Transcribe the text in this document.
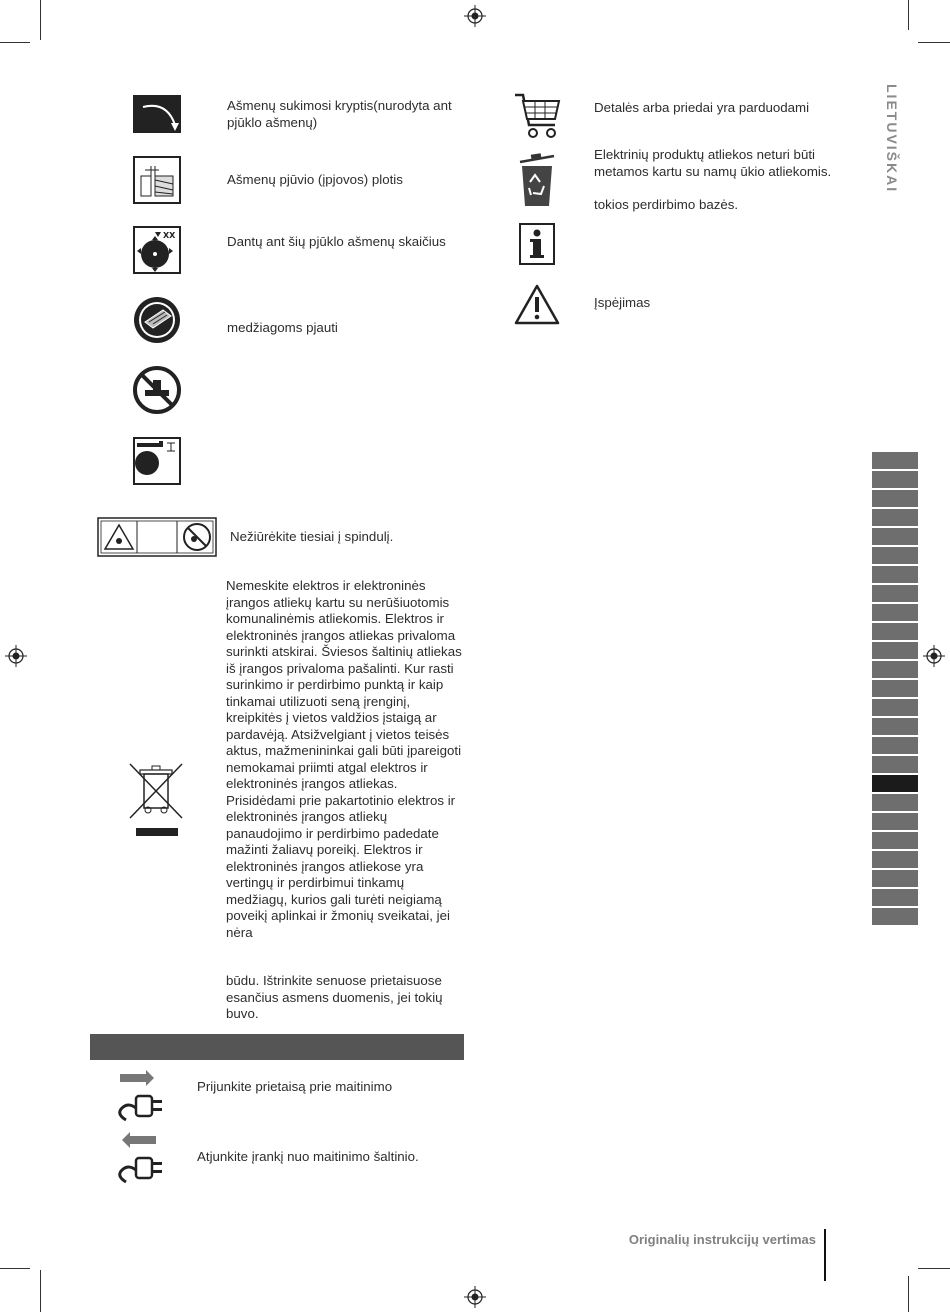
LIETUVIŠKAI
Ašmenų sukimosi kryptis(nurodyta ant pjūklo ašmenų)
Ašmenų pjūvio (įpjovos) plotis
XX	Dantų ant šių pjūklo ašmenų skaičius
medžiagoms pjauti
Nežiūrėkite tiesiai į spindulį.
Nemeskite elektros ir elektroninės įrangos atliekų kartu su nerūšiuotomis komunalinėmis atliekomis. Elektros ir elektroninės įrangos atliekas privaloma surinkti atskirai. Šviesos šaltinių atliekas iš įrangos privaloma pašalinti. Kur rasti surinkimo ir perdirbimo punktą ir kaip tinkamai utilizuoti seną įrenginį, kreipkitės į vietos valdžios įstaigą ar pardavėją. Atsižvelgiant į vietos teisės aktus, mažmenininkai gali būti įpareigoti nemokamai priimti atgal elektros ir elektroninės įrangos atliekas. Prisidėdami prie pakartotinio elektros ir elektroninės įrangos atliekų panaudojimo ir perdirbimo padedate mažinti žaliavų poreikį. Elektros ir elektroninės įrangos atliekose yra vertingų ir perdirbimui tinkamų medžiagų, kurios gali turėti neigiamą poveikį aplinkai ir žmonių sveikatai, jei nėra
būdu. Ištrinkite senuose prietaisuose esančius asmens duomenis, jei tokių buvo.
Prijunkite prietaisą prie maitinimo
Atjunkite įrankį nuo maitinimo šaltinio.
Detalės arba priedai yra parduodami
Elektrinių produktų atliekos neturi būti metamos kartu su namų ūkio atliekomis.
tokios perdirbimo bazės.
Įspėjimas
Originalių instrukcijų vertimas
